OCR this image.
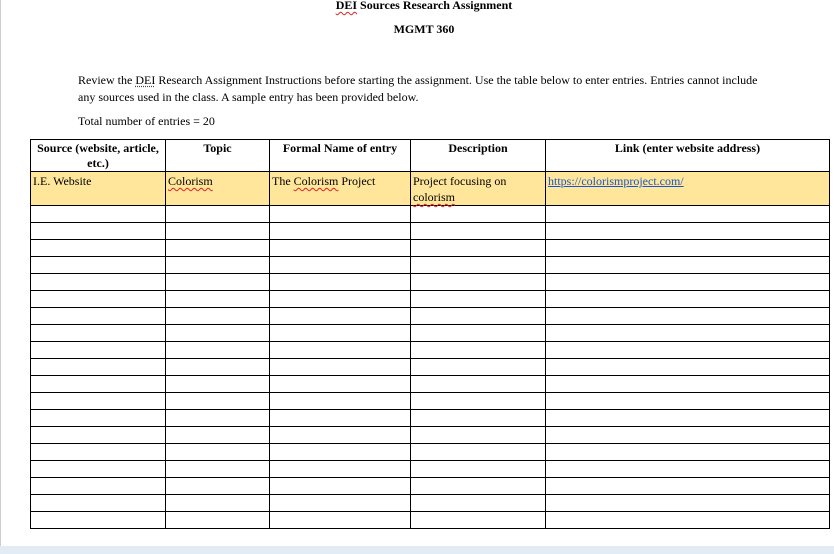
DEI Sources Research Assignment
MGMT 360
Review the DEI Research Assignment Instructions before starting the assignment. Use the table below to enter entries. Entries cannot include any sources used in the class. A sample entry has been provided below.
Total number of entries = 20
Source (website, article, etc.)	Topic	Formal Name of entry	Description	Link (enter website address)
I.E. Website	Colorism	The Colorism Project	Project focusing on colorism	https://colorismproject.com/
